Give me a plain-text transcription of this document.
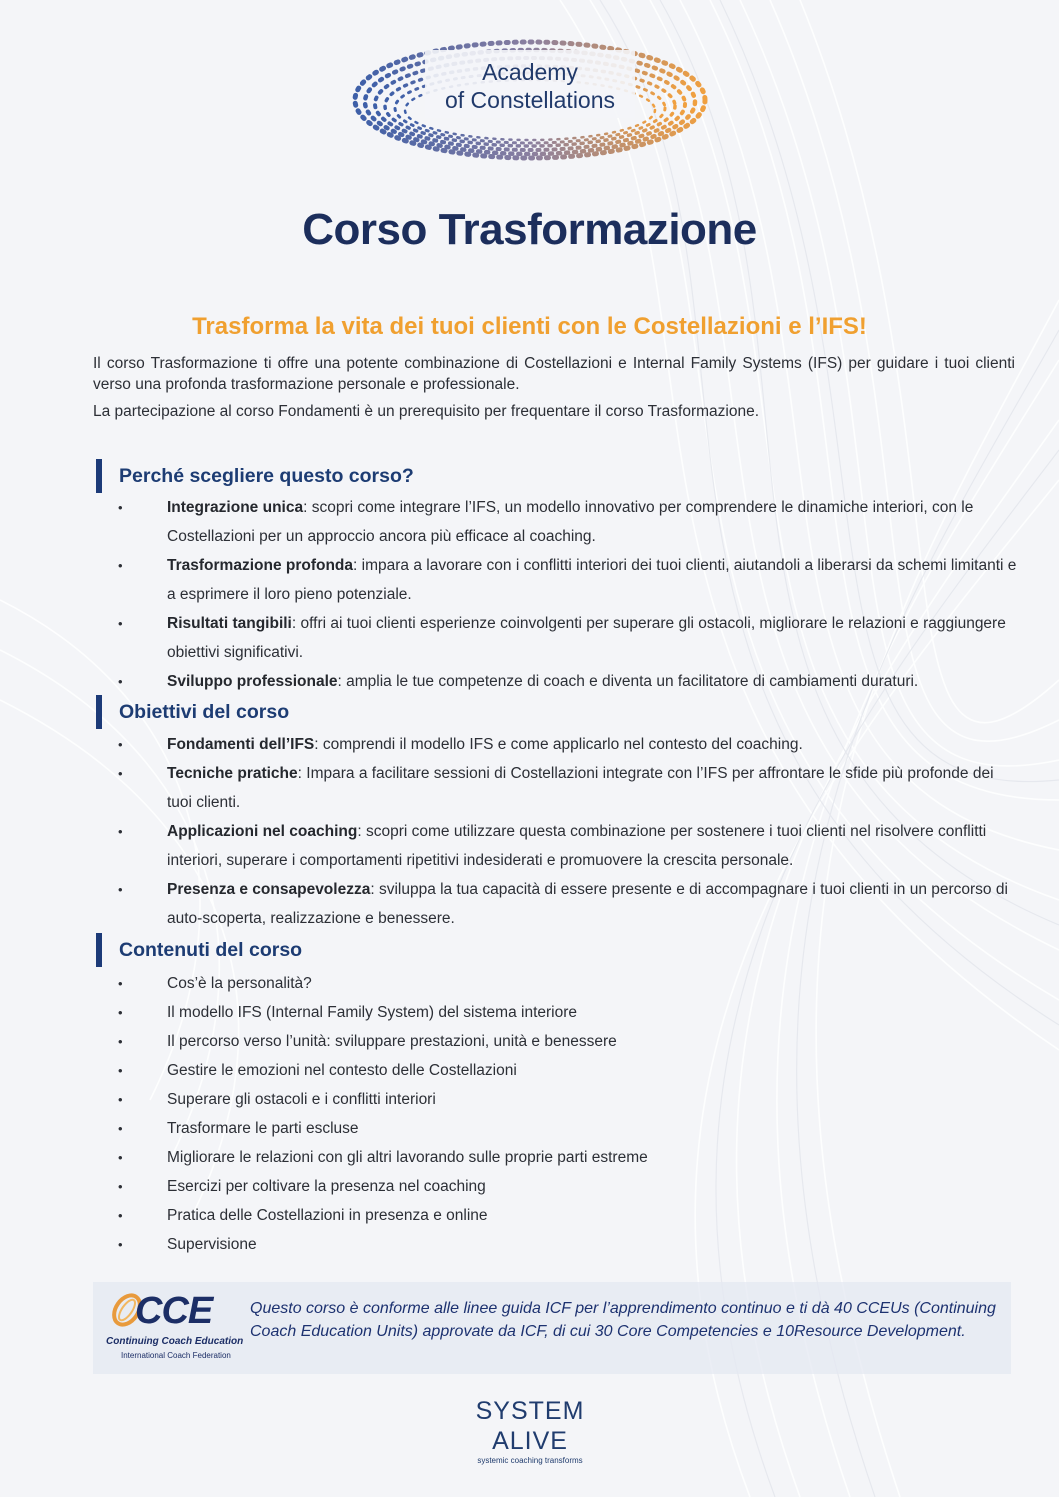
Academy
of Constellations
Corso Trasformazione
Trasforma la vita dei tuoi clienti con le Costellazioni e l’IFS!

Il corso Trasformazione ti offre una potente combinazione di Costellazioni e Internal Family Systems (IFS) per guidare i tuoi clienti verso una profonda trasformazione personale e professionale.

La partecipazione al corso Fondamenti è un prerequisito per frequentare il corso Trasformazione.

Perché scegliere questo corso?
• Integrazione unica: scopri come integrare l’IFS, un modello innovativo per comprendere le dinamiche interiori, con le Costellazioni per un approccio ancora più efficace al coaching.
• Trasformazione profonda: impara a lavorare con i conflitti interiori dei tuoi clienti, aiutandoli a liberarsi da schemi limitanti e a esprimere il loro pieno potenziale.
• Risultati tangibili: offri ai tuoi clienti esperienze coinvolgenti per superare gli ostacoli, migliorare le relazioni e raggiungere obiettivi significativi.
• Sviluppo professionale: amplia le tue competenze di coach e diventa un facilitatore di cambiamenti duraturi.
Obiettivi del corso
• Fondamenti dell’IFS: comprendi il modello IFS e come applicarlo nel contesto del coaching.
• Tecniche pratiche: Impara a facilitare sessioni di Costellazioni integrate con l’IFS per affrontare le sfide più profonde dei tuoi clienti.
• Applicazioni nel coaching: scopri come utilizzare questa combinazione per sostenere i tuoi clienti nel risolvere conflitti interiori, superare i comportamenti ripetitivi indesiderati e promuovere la crescita personale.
• Presenza e consapevolezza: sviluppa la tua capacità di essere presente e di accompagnare i tuoi clienti in un percorso di auto-scoperta, realizzazione e benessere.
Contenuti del corso
• Cos’è la personalità?
• Il modello IFS (Internal Family System) del sistema interiore
• Il percorso verso l’unità: sviluppare prestazioni, unità e benessere
• Gestire le emozioni nel contesto delle Costellazioni
• Superare gli ostacoli e i conflitti interiori
• Trasformare le parti escluse
• Migliorare le relazioni con gli altri lavorando sulle proprie parti estreme
• Esercizi per coltivare la presenza nel coaching
• Pratica delle Costellazioni in presenza e online
• Supervisione
CCE
Continuing Coach Education
International Coach Federation
Questo corso è conforme alle linee guida ICF per l’apprendimento continuo e ti dà 40 CCEUs (Continuing Coach Education Units) approvate da ICF, di cui 30 Core Competencies e 10Resource Development.
SYSTEM
ALIVE
systemic coaching transforms
